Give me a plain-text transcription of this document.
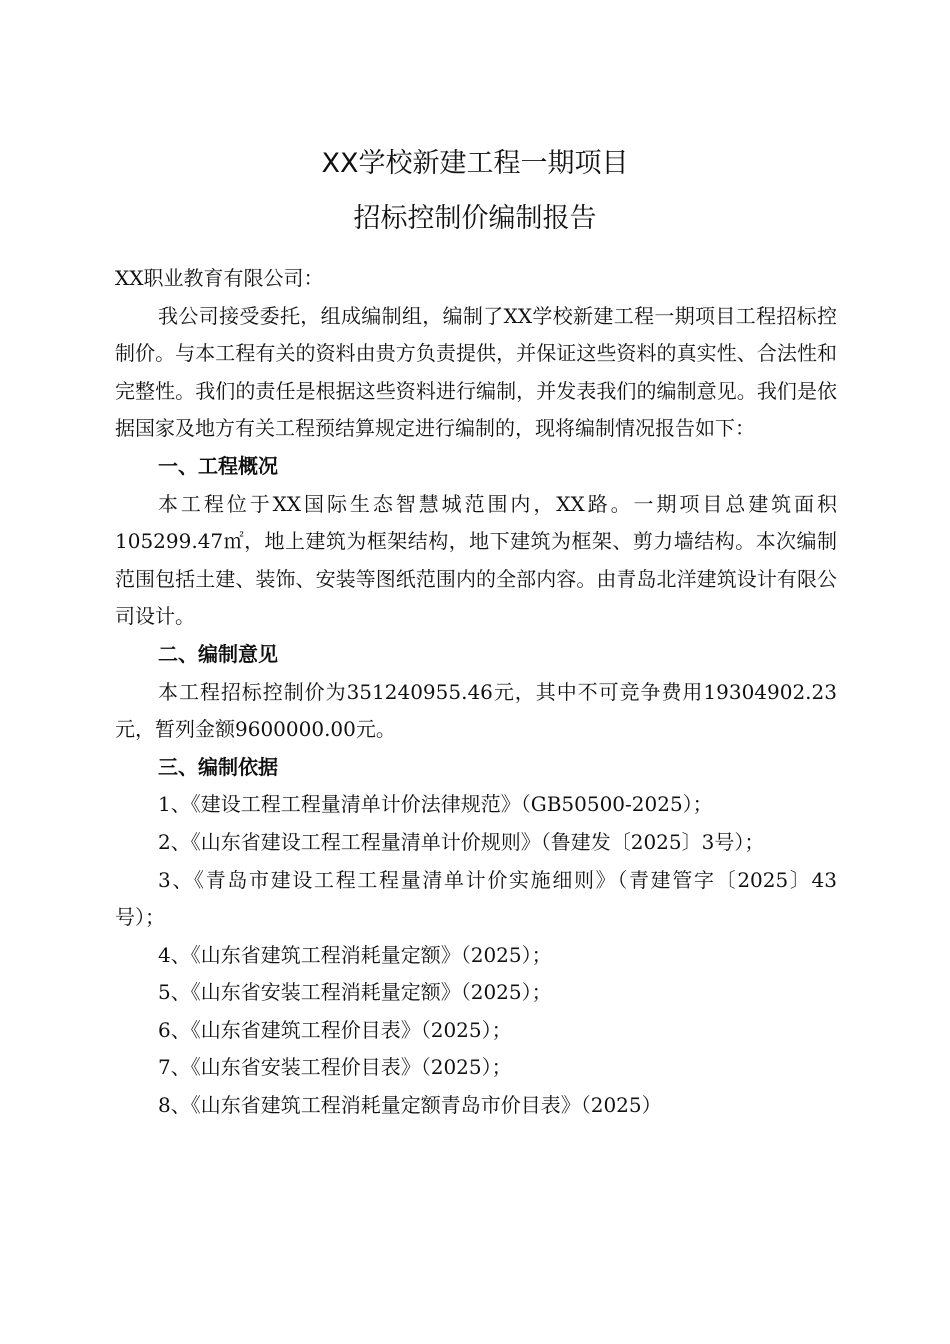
XX学校新建工程一期项目
招标控制价编制报告

XX职业教育有限公司：

我公司接受委托，组成编制组，编制了XX学校新建工程一期项目工程招标控制价。与本工程有关的资料由贵方负责提供，并保证这些资料的真实性、合法性和完整性。我们的责任是根据这些资料进行编制，并发表我们的编制意见。我们是依据国家及地方有关工程预结算规定进行编制的，现将编制情况报告如下：

一、工程概况

本工程位于XX国际生态智慧城范围内，XX路。一期项目总建筑面积105299.47㎡，地上建筑为框架结构，地下建筑为框架、剪力墙结构。本次编制范围包括土建、装饰、安装等图纸范围内的全部内容。由青岛北洋建筑设计有限公司设计。

二、编制意见

本工程招标控制价为351240955.46元，其中不可竞争费用19304902.23元，暂列金额9600000.00元。

三、编制依据

1、《建设工程工程量清单计价法律规范》（GB50500-2025）；

2、《山东省建设工程工程量清单计价规则》（鲁建发〔2025〕3号）；

3、《青岛市建设工程工程量清单计价实施细则》（青建管字〔2025〕43号）；

4、《山东省建筑工程消耗量定额》（2025）；

5、《山东省安装工程消耗量定额》（2025）；

6、《山东省建筑工程价目表》（2025）；

7、《山东省安装工程价目表》（2025）；

8、《山东省建筑工程消耗量定额青岛市价目表》（2025）
